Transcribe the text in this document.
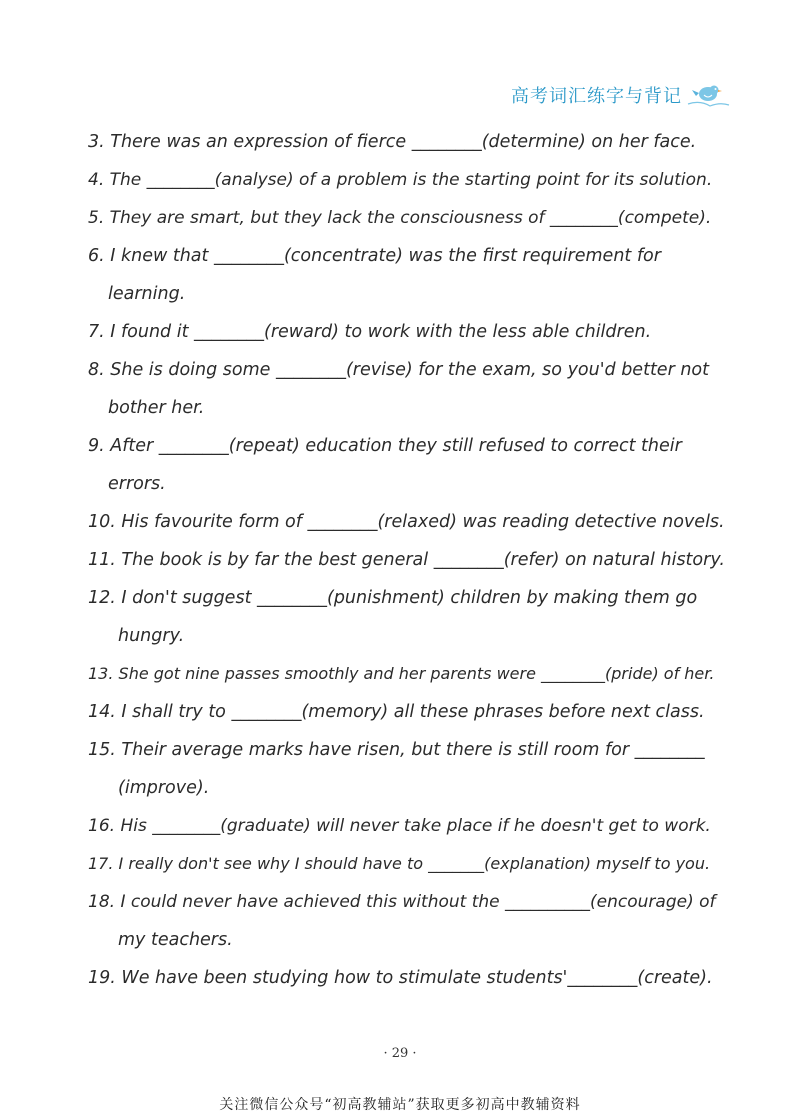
高考词汇练字与背记
3. There was an expression of fierce ________(determine) on her face.
4. The ________(analyse) of a problem is the starting point for its solution.
5. They are smart, but they lack the consciousness of ________(compete).
6. I knew that ________(concentrate) was the first requirement for
learning.
7. I found it ________(reward) to work with the less able children.
8. She is doing some ________(revise) for the exam, so you'd better not
bother her.
9. After ________(repeat) education they still refused to correct their
errors.
10. His favourite form of ________(relaxed) was reading detective novels.
11. The book is by far the best general ________(refer) on natural history.
12. I don't suggest ________(punishment) children by making them go
hungry.
13. She got nine passes smoothly and her parents were ________(pride) of her.
14. I shall try to ________(memory) all these phrases before next class.
15. Their average marks have risen, but there is still room for ________
(improve).
16. His ________(graduate) will never take place if he doesn't get to work.
17. I really don't see why I should have to _______(explanation) myself to you.
18. I could never have achieved this without the __________(encourage) of
my teachers.
19. We have been studying how to stimulate students'________(create).
· 29 ·
关注微信公众号“初高教辅站”获取更多初高中教辅资料
